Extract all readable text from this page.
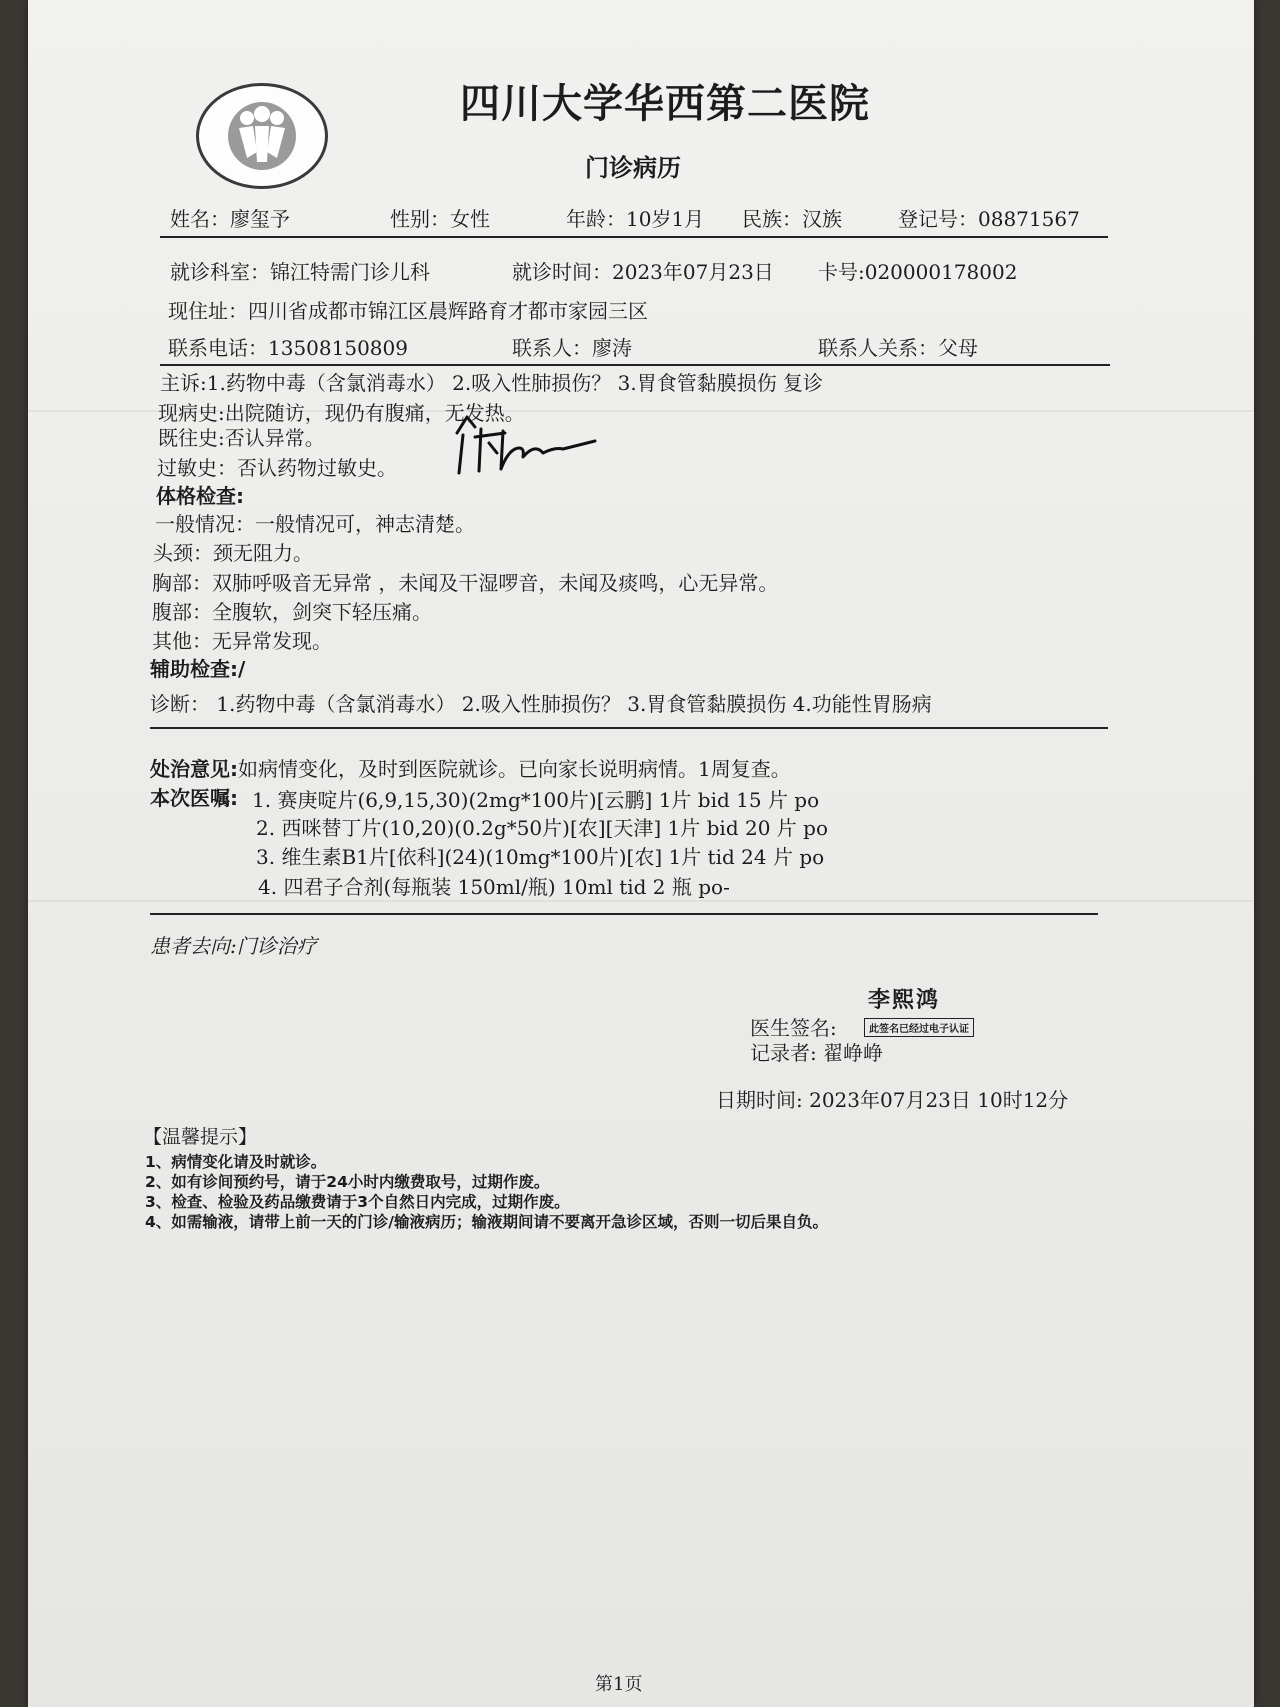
四川大学华西第二医院
门诊病历
姓名：廖玺予	性别：女性	年龄：10岁1月 民族：汉族	登记号：08871567
就诊科室：锦江特需门诊儿科	就诊时间：2023年07月23日 卡号:020000178002
现住址：四川省成都市锦江区晨辉路育才都市家园三区
联系电话：13508150809	联系人：廖涛	联系人关系：父母
主诉:1.药物中毒（含氯消毒水） 2.吸入性肺损伤？ 3.胃食管黏膜损伤 复诊
现病史:出院随访，现仍有腹痛，无发热。
既往史:否认异常。
过敏史：否认药物过敏史。
体格检查:
一般情况：一般情况可，神志清楚。
头颈：颈无阻力。
胸部：双肺呼吸音无异常 ，未闻及干湿啰音，未闻及痰鸣，心无异常。
腹部：全腹软，剑突下轻压痛。
其他：无异常发现。
辅助检查:/
诊断： 1.药物中毒（含氯消毒水） 2.吸入性肺损伤？ 3.胃食管黏膜损伤 4.功能性胃肠病
处治意见:如病情变化，及时到医院就诊。已向家长说明病情。1周复查。
本次医嘱: 1. 赛庚啶片(6,9,15,30)(2mg*100片)[云鹏] 1片 bid 15 片 po
2. 西咪替丁片(10,20)(0.2g*50片)[农][天津] 1片 bid 20 片 po
3. 维生素B1片[依科](24)(10mg*100片)[农] 1片 tid 24 片 po
4. 四君子合剂(每瓶装 150ml/瓶) 10ml tid 2 瓶 po-
患者去向:门诊治疗
李熙鸿
医生签名:	此签名已经过电子认证
记录者: 翟峥峥
日期时间: 2023年07月23日 10时12分
【温馨提示】
1、病情变化请及时就诊。
2、如有诊间预约号，请于24小时内缴费取号，过期作废。
3、检查、检验及药品缴费请于3个自然日内完成，过期作废。
4、如需输液，请带上前一天的门诊/输液病历；输液期间请不要离开急诊区域，否则一切后果自负。
第1页
